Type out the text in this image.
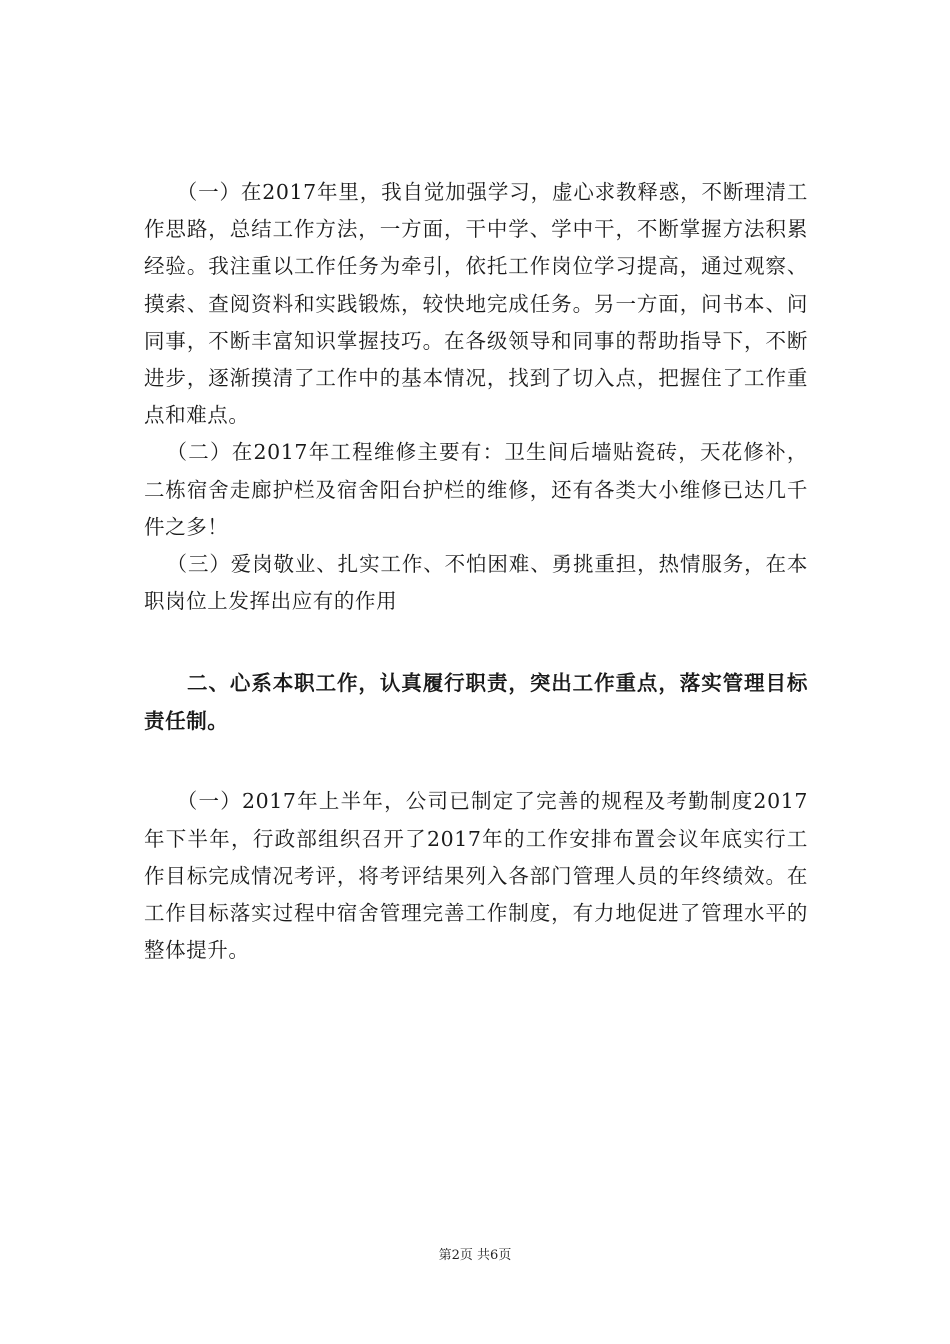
（一）在2017年里，我自觉加强学习，虚心求教释惑，不断理清工作思路，总结工作方法，一方面，干中学、学中干，不断掌握方法积累经验。我注重以工作任务为牵引，依托工作岗位学习提高，通过观察、摸索、查阅资料和实践锻炼，较快地完成任务。另一方面，问书本、问同事，不断丰富知识掌握技巧。在各级领导和同事的帮助指导下，不断进步，逐渐摸清了工作中的基本情况，找到了切入点，把握住了工作重点和难点。

（二）在2017年工程维修主要有：卫生间后墙贴瓷砖，天花修补，二栋宿舍走廊护栏及宿舍阳台护栏的维修，还有各类大小维修已达几千件之多！

（三）爱岗敬业、扎实工作、不怕困难、勇挑重担，热情服务，在本职岗位上发挥出应有的作用

二、心系本职工作，认真履行职责，突出工作重点，落实管理目标责任制。

（一）2017年上半年，公司已制定了完善的规程及考勤制度2017年下半年，行政部组织召开了2017年的工作安排布置会议年底实行工作目标完成情况考评，将考评结果列入各部门管理人员的年终绩效。在工作目标落实过程中宿舍管理完善工作制度，有力地促进了管理水平的整体提升。

第2页 共6页
